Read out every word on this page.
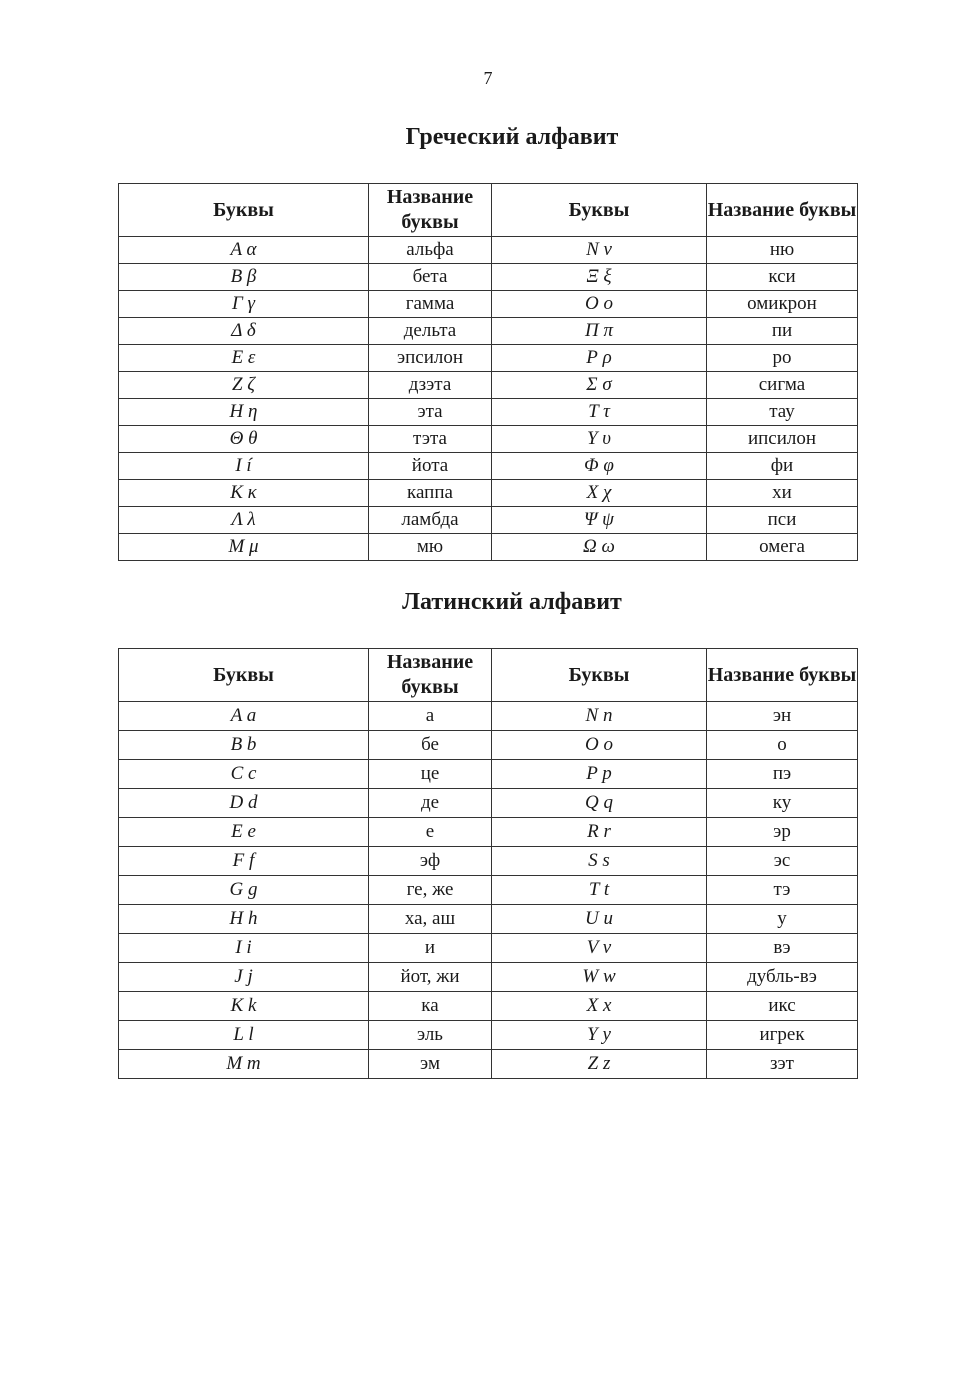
7
Греческий алфавит
Буквы	Название буквы	Буквы	Название буквы
Α α	альфа	Ν ν	ню
Β β	бета	Ξ ξ	кси
Γ γ	гамма	Ο ο	омикрон
Δ δ	дельта	Π π	пи
Ε ε	эпсилон	Ρ ρ	ро
Ζ ζ	дзэта	Σ σ	сигма
Η η	эта	Τ τ	тау
Θ θ	тэта	Υ υ	ипсилон
Ι í	йота	Φ φ	фи
Κ κ	каппа	Χ χ	хи
Λ λ	ламбда	Ψ ψ	пси
Μ μ	мю	Ω ω	омега
Латинский алфавит
Буквы	Название буквы	Буквы	Название буквы
A a	а	N n	эн
B b	бе	O o	о
C c	це	P p	пэ
D d	де	Q q	ку
E e	е	R r	эр
F f	эф	S s	эс
G g	ге, же	T t	тэ
H h	ха, аш	U u	у
I i	и	V v	вэ
J j	йот, жи	W w	дубль-вэ
K k	ка	X x	икс
L l	эль	Y y	игрек
M m	эм	Z z	зэт
